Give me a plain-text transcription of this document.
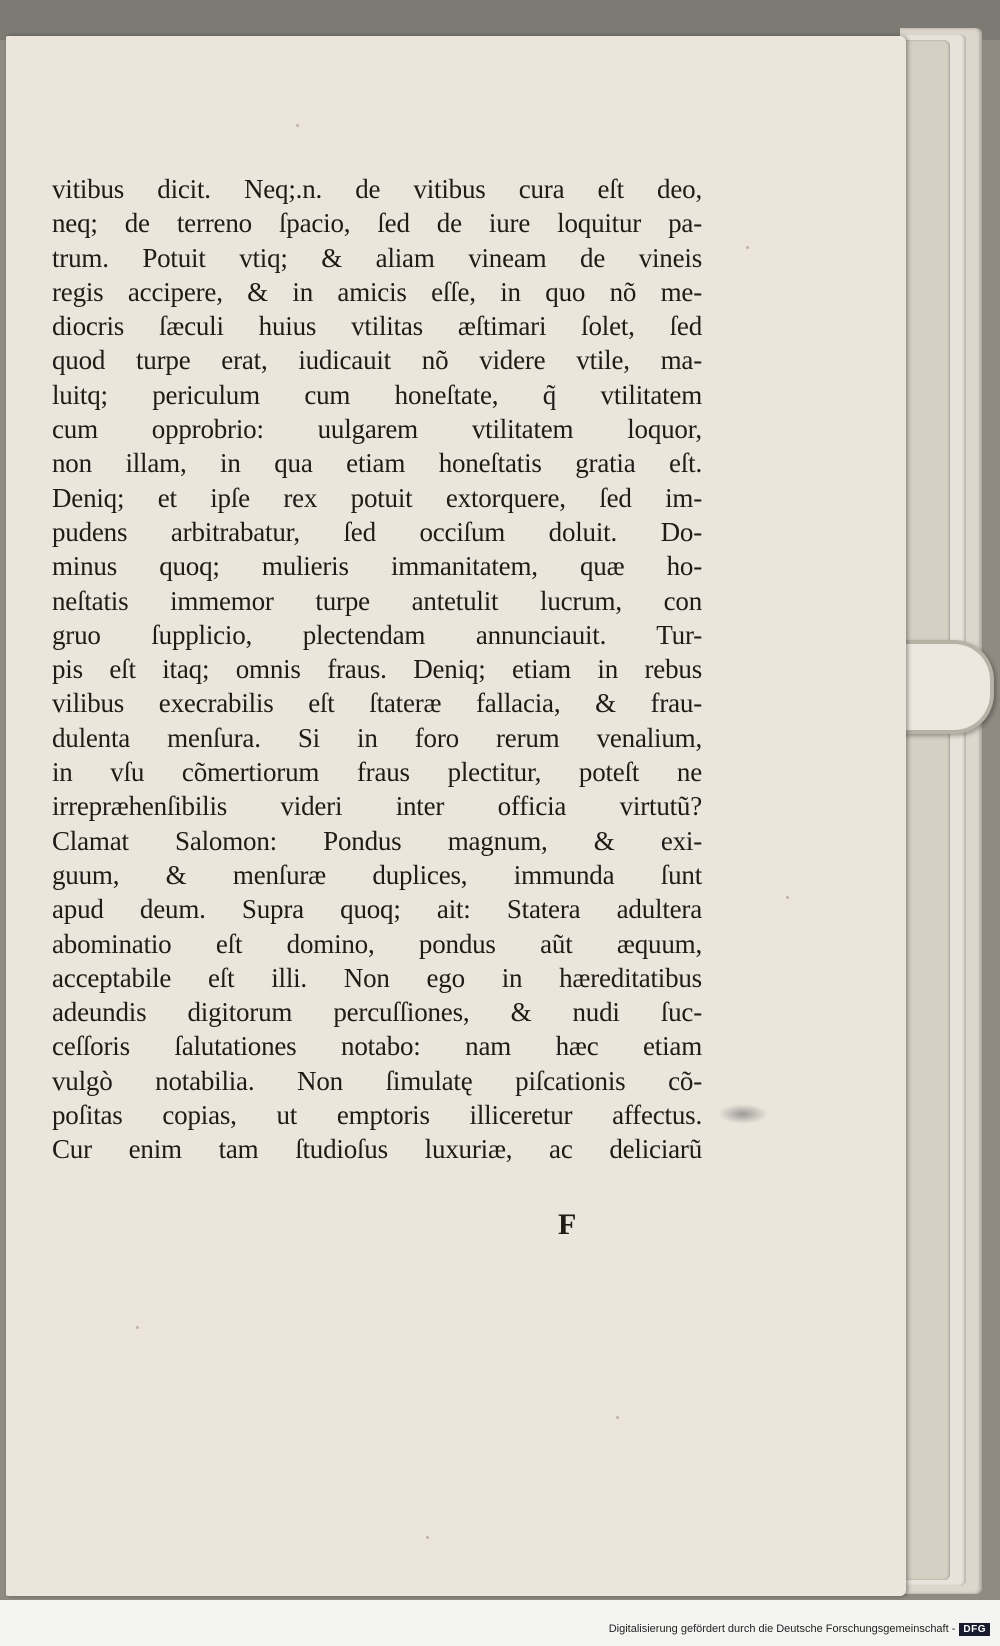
vitibus dicit. Neq;.n. de vitibus cura eſt deo,
neq; de terreno ſpacio, ſed de iure loquitur pa-
trum. Potuit vtiq; & aliam vineam de vineis
regis accipere, & in amicis eſſe, in quo nõ me-
diocris ſæculi huius vtilitas æſtimari ſolet, ſed
quod turpe erat, iudicauit nõ videre vtile, ma-
luitq; periculum cum honeſtate, q̃ vtilitatem
cum opprobrio: uulgarem vtilitatem loquor,
non illam, in qua etiam honeſtatis gratia eſt.
Deniq; et ipſe rex potuit extorquere, ſed im-
pudens arbitrabatur, ſed occiſum doluit. Do-
minus quoq; mulieris immanitatem, quæ ho-
neſtatis immemor turpe antetulit lucrum, con
gruo ſupplicio, plectendam annunciauit. Tur-
pis eſt itaq; omnis fraus. Deniq; etiam in rebus
vilibus execrabilis eſt ſtateræ fallacia, & frau-
dulenta menſura. Si in foro rerum venalium,
in vſu cõmertiorum fraus plectitur, poteſt ne
irrepræhenſibilis videri inter officia virtutũ?
Clamat Salomon: Pondus magnum, & exi-
guum, & menſuræ duplices, immunda ſunt
apud deum. Supra quoq; ait: Statera adultera
abominatio eſt domino, pondus aũt æquum,
acceptabile eſt illi. Non ego in hæreditatibus
adeundis digitorum percuſſiones, & nudi ſuc-
ceſſoris ſalutationes notabo: nam hæc etiam
vulgò notabilia. Non ſimulatę piſcationis cõ-
poſitas copias, ut emptoris illiceretur affectus.
Cur enim tam ſtudioſus luxuriæ, ac deliciarũ
F
Digitalisierung gefördert durch die Deutsche Forschungsgemeinschaft - DFG
